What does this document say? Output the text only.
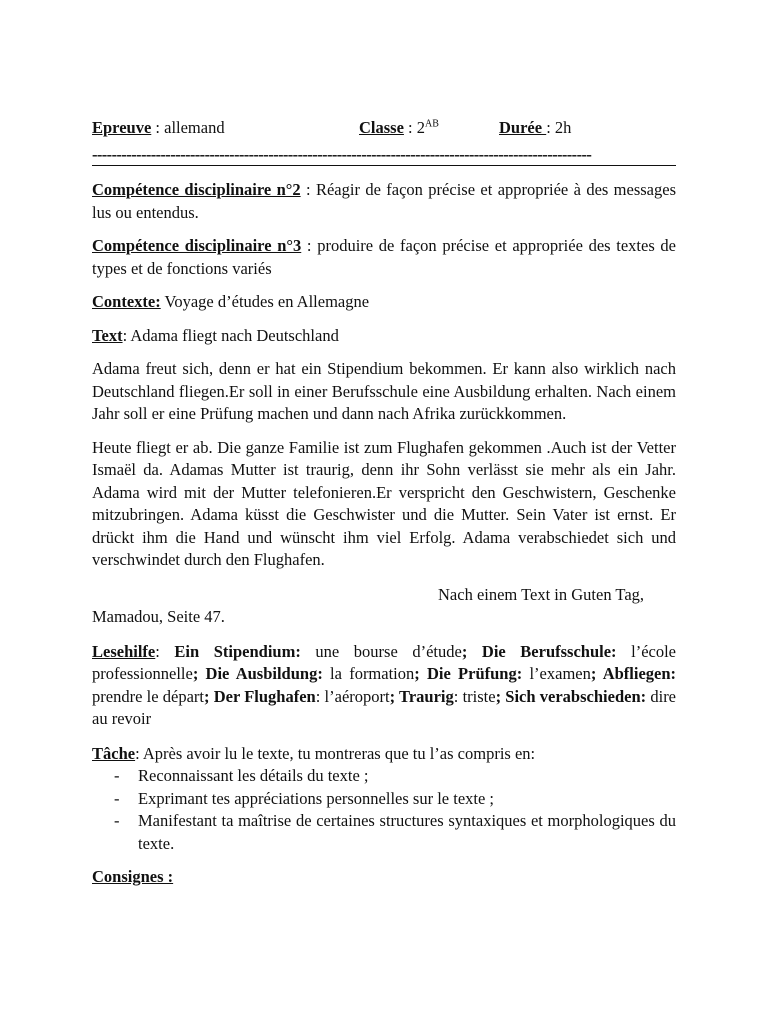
Epreuve : allemand	Classe : $2^{AB}$	Durée : 2h
------------------------------------------------------------------------------------------------------

Compétence disciplinaire n°2 : Réagir de façon précise et appropriée à des messages lus ou entendus.

Compétence disciplinaire n°3 : produire de façon précise et appropriée des textes de types et de fonctions variés

Contexte: Voyage d’études en Allemagne

Text: Adama fliegt nach Deutschland

Adama freut sich, denn er hat ein Stipendium bekommen. Er kann also wirklich nach Deutschland fliegen.Er soll in einer Berufsschule eine Ausbildung erhalten. Nach einem Jahr soll er eine Prüfung machen und dann nach Afrika zurückkommen.

Heute fliegt er ab. Die ganze Familie ist zum Flughafen gekommen .Auch ist der Vetter Ismaël da. Adamas Mutter ist traurig, denn ihr Sohn verlässt sie mehr als ein Jahr. Adama wird mit der Mutter telefonieren.Er verspricht den Geschwistern, Geschenke mitzubringen. Adama küsst die Geschwister und die Mutter. Sein Vater ist ernst. Er drückt ihm die Hand und wünscht ihm viel Erfolg. Adama verabschiedet sich und verschwindet durch den Flughafen.

Nach einem Text in Guten Tag,

Mamadou, Seite 47.

Lesehilfe: Ein Stipendium: une bourse d’étude; Die Berufsschule: l’école professionnelle; Die Ausbildung: la formation; Die Prüfung: l’examen; Abfliegen: prendre le départ; Der Flughafen: l’aéroport; Traurig: triste; Sich verabschieden: dire au revoir

Tâche: Après avoir lu le texte, tu montreras que tu l’as compris en:

- Reconnaissant les détails du texte ;
- Exprimant tes appréciations personnelles sur le texte ;
- Manifestant ta maîtrise de certaines structures syntaxiques et morphologiques du texte.

Consignes :
